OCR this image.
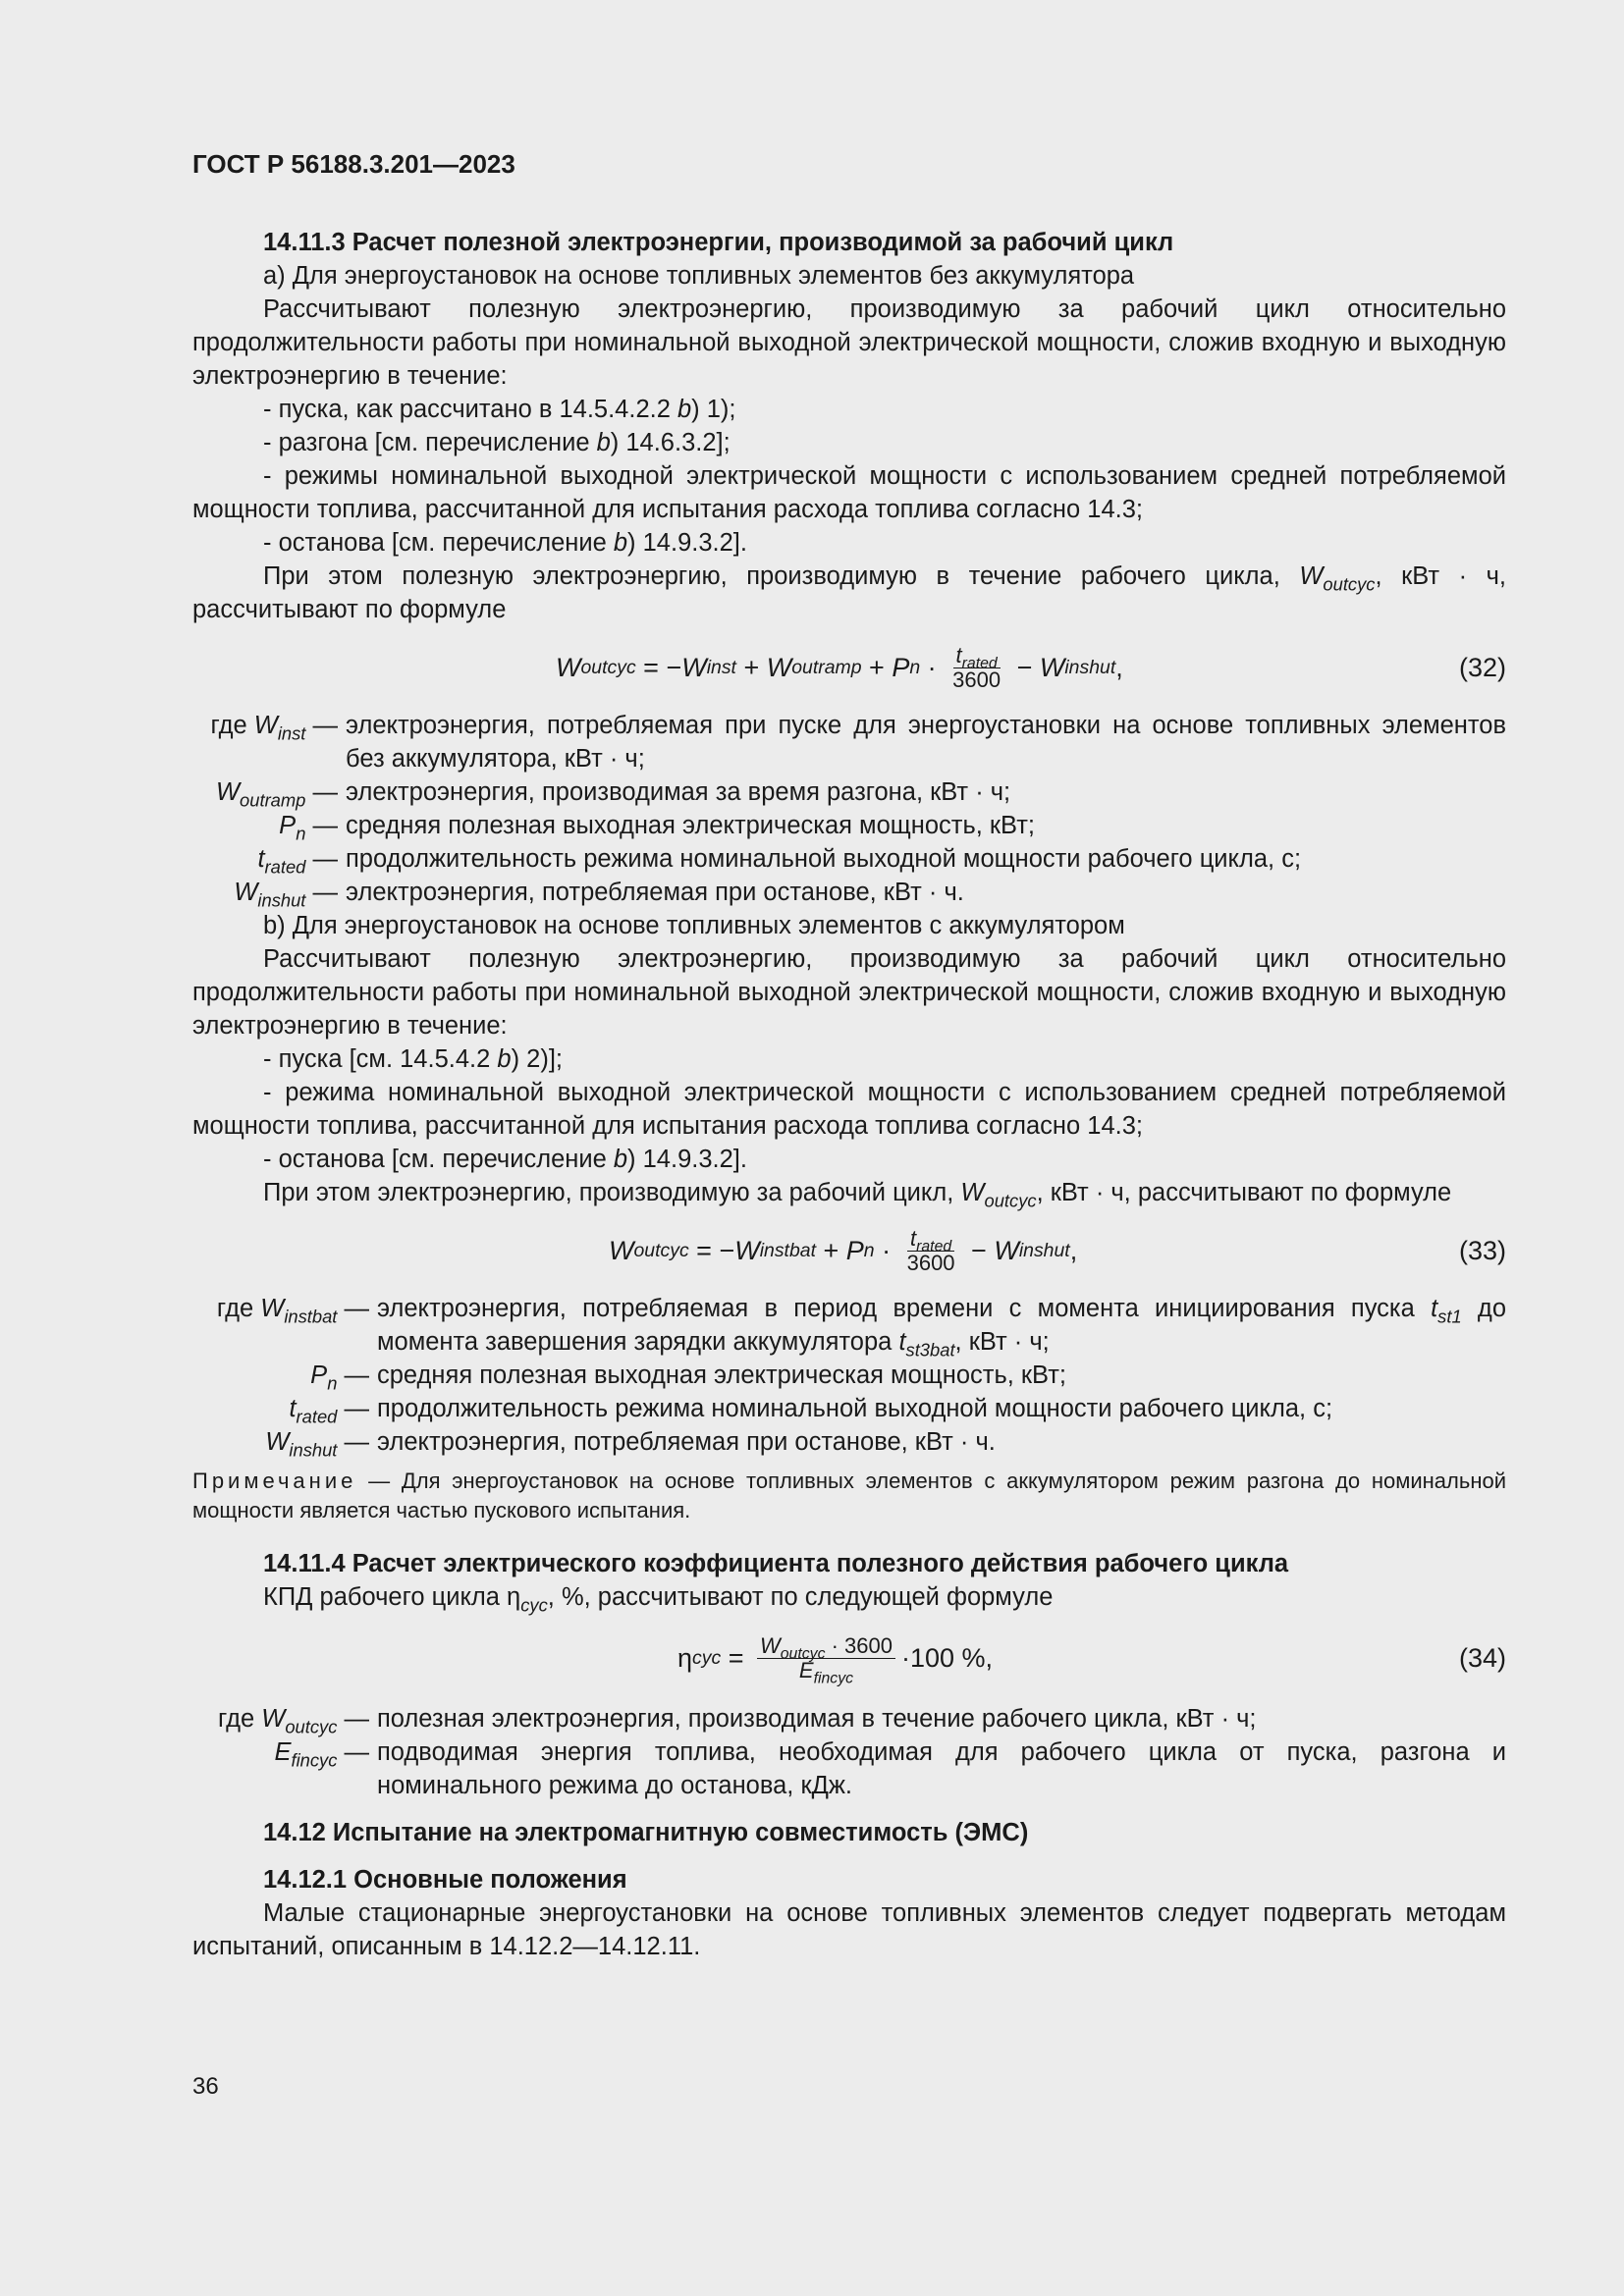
ГОСТ Р 56188.3.201—2023

14.11.3 Расчет полезной электроэнергии, производимой за рабочий цикл

а) Для энергоустановок на основе топливных элементов без аккумулятора

Рассчитывают полезную электроэнергию, производимую за рабочий цикл относительно продолжительности работы при номинальной выходной электрической мощности, сложив входную и выходную электроэнергию в течение:

- пуска, как рассчитано в 14.5.4.2.2 b) 1);

- разгона [см. перечисление b) 14.6.3.2];

- режимы номинальной выходной электрической мощности с использованием средней потребляемой мощности топлива, рассчитанной для испытания расхода топлива согласно 14.3;

- останова [см. перечисление b) 14.9.3.2].

При этом полезную электроэнергию, производимую в течение рабочего цикла, $W_{outcyc}$, кВт · ч, рассчитывают по формуле

W outcyc = − W inst + W outramp + P $n \cdot \frac{t_{rated}}{3600} - W$ inshut ,	(32)
где $W_{inst}$ — электроэнергия, потребляемая при пуске для энергоустановки на основе топливных элементов без аккумулятора, кВт · ч;
$W_{outramp}$ — электроэнергия, производимая за время разгона, кВт · ч;
$P_n$ — средняя полезная выходная электрическая мощность, кВт;
$t_{rated}$ — продолжительность режима номинальной выходной мощности рабочего цикла, с;
$W_{inshut}$ — электроэнергия, потребляемая при останове, кВт · ч.

b) Для энергоустановок на основе топливных элементов с аккумулятором

Рассчитывают полезную электроэнергию, производимую за рабочий цикл относительно продолжительности работы при номинальной выходной электрической мощности, сложив входную и выходную электроэнергию в течение:

- пуска [см. 14.5.4.2 b) 2)];

- режима номинальной выходной электрической мощности с использованием средней потребляемой мощности топлива, рассчитанной для испытания расхода топлива согласно 14.3;

- останова [см. перечисление b) 14.9.3.2].

При этом электроэнергию, производимую за рабочий цикл, $W_{outcyc}$, кВт · ч, рассчитывают по формуле

W outcyc = − W instbat + P $n \cdot \frac{t_{rated}}{3600} - W$ inshut ,	(33)
где $W_{instbat}$ — электроэнергия, потребляемая в период времени с момента инициирования пуска $t_{st1}$ до момента завершения зарядки аккумулятора $t_{st3bat}$, кВт · ч;
$P_n$ — средняя полезная выходная электрическая мощность, кВт;
$t_{rated}$ — продолжительность режима номинальной выходной мощности рабочего цикла, с;
$W_{inshut}$ — электроэнергия, потребляемая при останове, кВт · ч.

Примечание — Для энергоустановок на основе топливных элементов с аккумулятором режим разгона до номинальной мощности является частью пускового испытания.

14.11.4 Расчет электрического коэффициента полезного действия рабочего цикла

КПД рабочего цикла $\eta_{cyc}$, %, рассчитывают по следующей формуле

η cyc = $\frac{W_{outcyc} \cdot 3600}{E_{fincyc}} \cdot 100$ %,	(34)
где $W_{outcyc}$ — полезная электроэнергия, производимая в течение рабочего цикла, кВт · ч;
$E_{fincyc}$ — подводимая энергия топлива, необходимая для рабочего цикла от пуска, разгона и номинального режима до останова, кДж.

14.12 Испытание на электромагнитную совместимость (ЭМС)

14.12.1 Основные положения

Малые стационарные энергоустановки на основе топливных элементов следует подвергать методам испытаний, описанным в 14.12.2—14.12.11.

36
